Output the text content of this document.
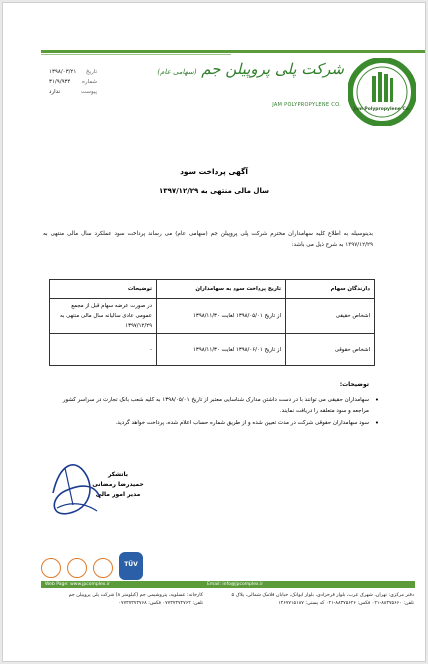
تاریخ
۱۳۹۸/۰۳/۲۱
شماره
۳۱/۹/۹۳۴
پیوست
ندارد
شرکت پلی پروپیلن جم (سهامی عام)
JAM POLYPROPYLENE CO.
Jam Polypropylene Co.
آگهی پرداخت سود
سال مالی منتهی به ۱۳۹۷/۱۲/۲۹

بدینوسیله به اطلاع کلیه سهامداران محترم شرکت پلی پروپیلن جم (سهامی عام) می رساند پرداخت سود عملکرد سال مالی منتهی به ۱۳۹۷/۱۲/۲۹ به شرح ذیل می باشد:

دارندگان سهام	تاریخ پرداخت سود به سهامداران	توضیحات
اشخاص حقیقی	از تاریخ ۱۳۹۸/۰۵/۰۱ لغایت ۱۳۹۸/۱۱/۳۰	در صورت عرضه سهام قبل از مجمع عمومی عادی سالیانه سال مالی منتهی به ۱۳۹۷/۱۲/۲۹
اشخاص حقوقی	از تاریخ ۱۳۹۸/۰۶/۰۱ لغایت ۱۳۹۸/۱۱/۳۰	-
توضیحات:
•
سهامداران حقیقی می توانند با در دست داشتن مدارک شناسایی معتبر از تاریخ ۱۳۹۸/۰۵/۰۱ به کلیه شعب بانک تجارت در سراسر کشور مراجعه و سود متعلقه را دریافت نمایند.
•
سود سهامداران حقوقی شرکت در مدت تعیین شده و از طریق شماره حساب اعلام شده، پرداخت خواهد گردید.
باتشکر
حمیدرضا رمضانی
مدیر امور مالی
TÜV
Web Page: www.jpcomplex.ir	Email: info@jpcomplex.ir
دفتر مرکزی: تهران، شهرک غرب، بلوار فرحزادی، بلوار ایوانک، خیابان فلامک شمالی، پلاک ۵
تلفن: ۸۸۳۷۵۶۶۰-۰۲۱ فکس: ۸۸۳۷۵۶۲۶-۰۲۱ کد پستی: ۱۴۶۷۷۱۵۱۸۷
کارخانه: عسلویه، پتروشیمی جم (کیلومتر ۸) شرکت پلی پروپیلن جم
تلفن: ۰۷۷۳۷۳۷۲۷۶۲ فکس: ۰۷۷۳۷۳۷۲۷۶۸
